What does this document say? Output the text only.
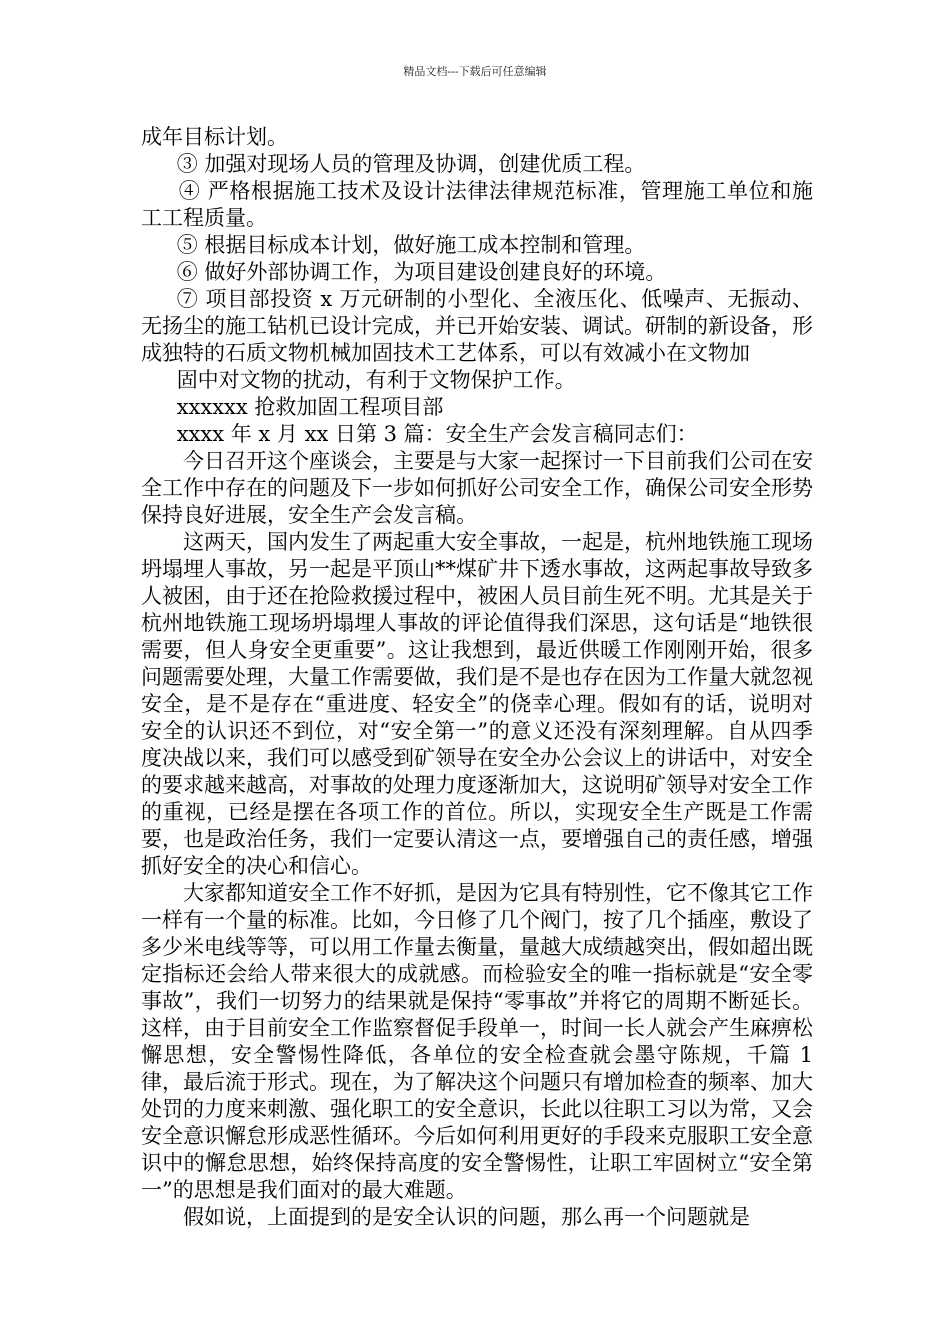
精品文档---下载后可任意编辑

成年目标计划。

③ 加强对现场人员的管理及协调，创建优质工程。

④ 严格根据施工技术及设计法律法律规范标准，管理施工单位和施工工程质量。

⑤ 根据目标成本计划，做好施工成本控制和管理。

⑥ 做好外部协调工作，为项目建设创建良好的环境。

⑦ 项目部投资 x 万元研制的小型化、全液压化、低噪声、无振动、无扬尘的施工钻机已设计完成，并已开始安装、调试。研制的新设备，形成独特的石质文物机械加固技术工艺体系，可以有效减小在文物加

固中对文物的扰动，有利于文物保护工作。

xxxxxx 抢救加固工程项目部

xxxx 年 x 月 xx 日第 3 篇：安全生产会发言稿同志们：

今日召开这个座谈会，主要是与大家一起探讨一下目前我们公司在安全工作中存在的问题及下一步如何抓好公司安全工作，确保公司安全形势保持良好进展，安全生产会发言稿。

这两天，国内发生了两起重大安全事故，一起是，杭州地铁施工现场坍塌埋人事故，另一起是平顶山**煤矿井下透水事故，这两起事故导致多人被困，由于还在抢险救援过程中，被困人员目前生死不明。尤其是关于杭州地铁施工现场坍塌埋人事故的评论值得我们深思，这句话是“地铁很需要，但人身安全更重要”。这让我想到，最近供暖工作刚刚开始，很多问题需要处理，大量工作需要做，我们是不是也存在因为工作量大就忽视安全，是不是存在“重进度、轻安全”的侥幸心理。假如有的话，说明对安全的认识还不到位，对“安全第一”的意义还没有深刻理解。自从四季度决战以来，我们可以感受到矿领导在安全办公会议上的讲话中，对安全的要求越来越高，对事故的处理力度逐渐加大，这说明矿领导对安全工作的重视，已经是摆在各项工作的首位。所以，实现安全生产既是工作需要，也是政治任务，我们一定要认清这一点，要增强自己的责任感，增强抓好安全的决心和信心。

大家都知道安全工作不好抓，是因为它具有特别性，它不像其它工作一样有一个量的标准。比如，今日修了几个阀门，按了几个插座，敷设了多少米电线等等，可以用工作量去衡量，量越大成绩越突出，假如超出既定指标还会给人带来很大的成就感。而检验安全的唯一指标就是“安全零事故”，我们一切努力的结果就是保持“零事故”并将它的周期不断延长。这样，由于目前安全工作监察督促手段单一，时间一长人就会产生麻痹松懈思想，安全警惕性降低，各单位的安全检查就会墨守陈规，千篇 1 律，最后流于形式。现在，为了解决这个问题只有增加检查的频率、加大处罚的力度来刺激、强化职工的安全意识，长此以往职工习以为常，又会安全意识懈怠形成恶性循环。今后如何利用更好的手段来克服职工安全意识中的懈怠思想，始终保持高度的安全警惕性，让职工牢固树立“安全第一”的思想是我们面对的最大难题。

假如说，上面提到的是安全认识的问题，那么再一个问题就是
